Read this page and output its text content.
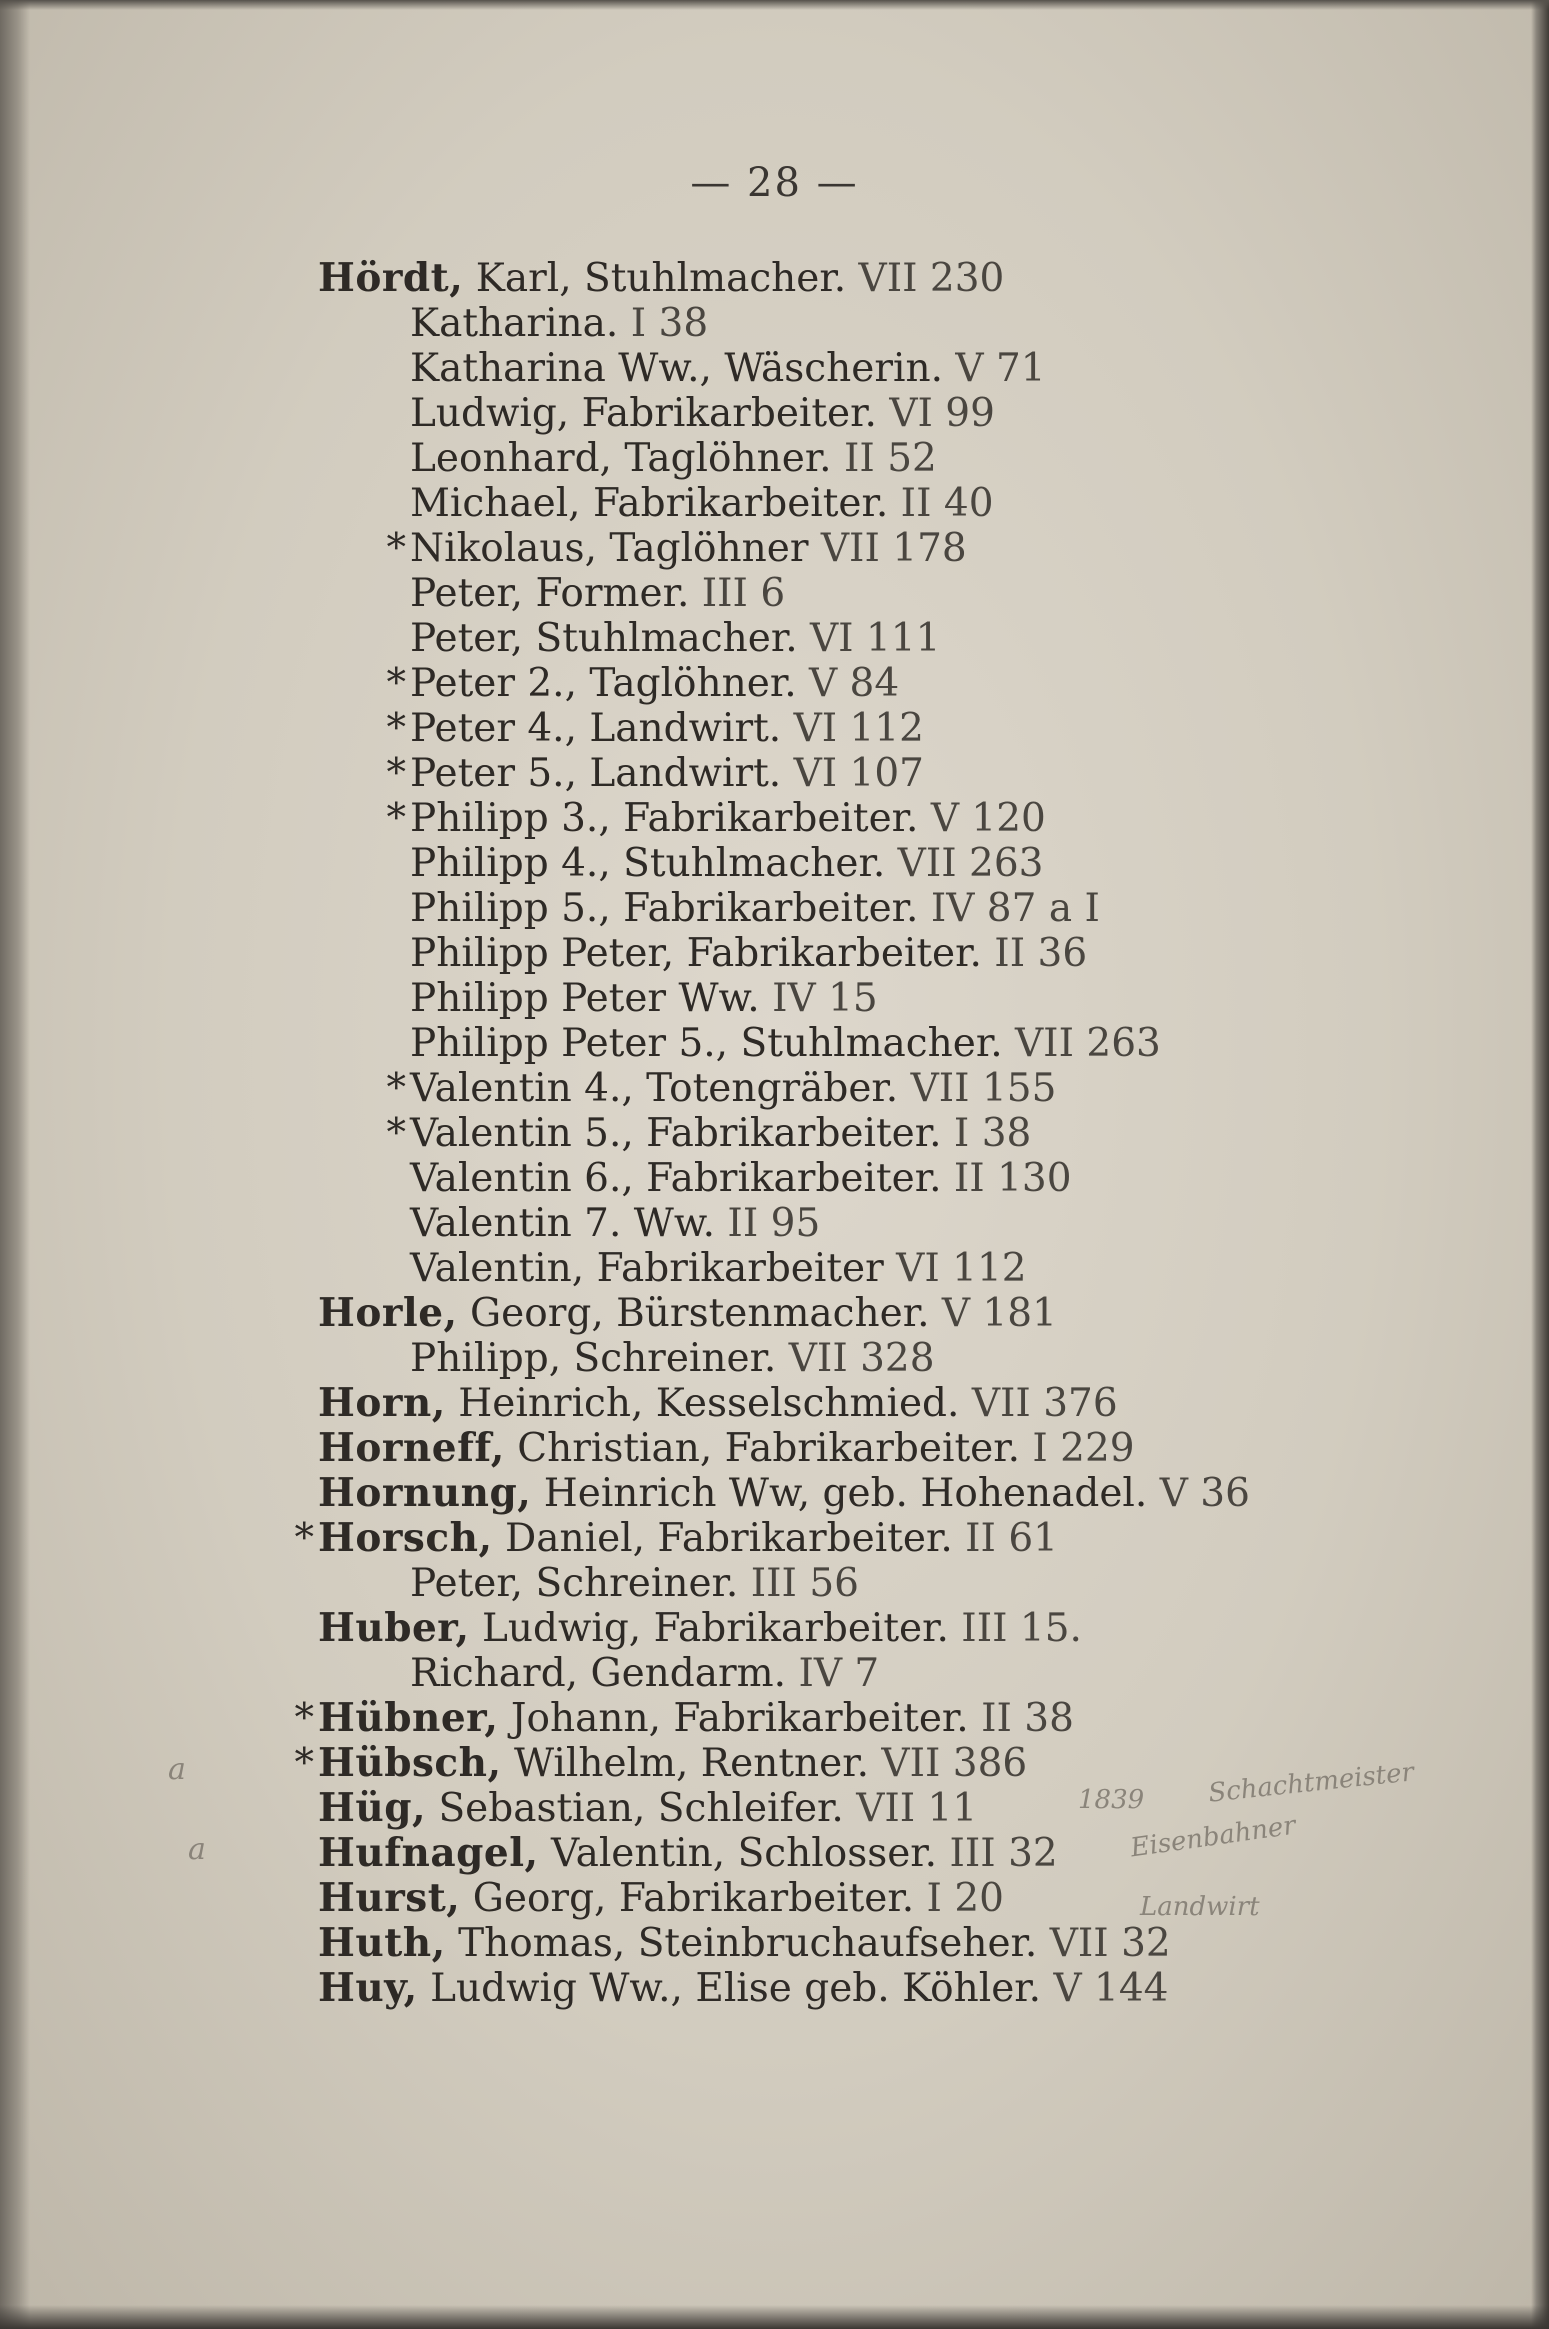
— 28 —
Hördt, Karl, Stuhlmacher. VII 230
Katharina. I 38
Katharina Ww., Wäscherin. V 71
Ludwig, Fabrikarbeiter. VI 99
Leonhard, Taglöhner. II 52
Michael, Fabrikarbeiter. II 40
* Nikolaus, Taglöhner VII 178
Peter, Former. III 6
Peter, Stuhlmacher. VI 111
* Peter 2., Taglöhner. V 84
* Peter 4., Landwirt. VI 112
* Peter 5., Landwirt. VI 107
* Philipp 3., Fabrikarbeiter. V 120
Philipp 4., Stuhlmacher. VII 263
Philipp 5., Fabrikarbeiter. IV 87 a I
Philipp Peter, Fabrikarbeiter. II 36
Philipp Peter Ww. IV 15
Philipp Peter 5., Stuhlmacher. VII 263
* Valentin 4., Totengräber. VII 155
* Valentin 5., Fabrikarbeiter. I 38
Valentin 6., Fabrikarbeiter. II 130
Valentin 7. Ww. II 95
Valentin, Fabrikarbeiter VI 112
Horle, Georg, Bürstenmacher. V 181
Philipp, Schreiner. VII 328
Horn, Heinrich, Kesselschmied. VII 376
Horneff, Christian, Fabrikarbeiter. I 229
Hornung, Heinrich Ww, geb. Hohenadel. V 36
* Horsch, Daniel, Fabrikarbeiter. II 61
Peter, Schreiner. III 56
Huber, Ludwig, Fabrikarbeiter. III 15.
Richard, Gendarm. IV 7
* Hübner, Johann, Fabrikarbeiter. II 38
* Hübsch, Wilhelm, Rentner. VII 386
Hüg, Sebastian, Schleifer. VII 11
Hufnagel, Valentin, Schlosser. III 32
Hurst, Georg, Fabrikarbeiter. I 20
Huth, Thomas, Steinbruchaufseher. VII 32
Huy, Ludwig Ww., Elise geb. Köhler. V 144
a
a
1839 Schachtmeister
Eisenbahner
Landwirt
